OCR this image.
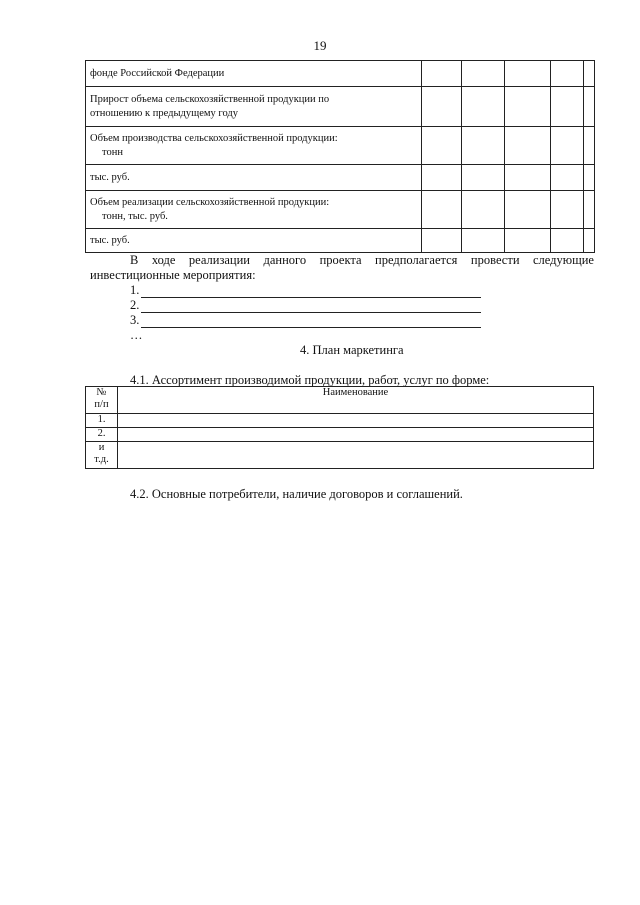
19
фонде Российской Федерации					

Прирост объема сельскохозяйственной продукции по
отношению к предыдущему году					

Объем производства сельскохозяйственной продукции:
тонн					

тыс. руб.					

Объем реализации сельскохозяйственной продукции:
тонн, тыс. руб.					

тыс. руб.					
В ходе реализации данного проекта предполагается провести следующие
инвестиционные мероприятия:
1.
2.
3.
…
4. План маркетинга
4.1. Ассортимент производимой продукции, работ, услуг по форме:
№
п/п	Наименование
1.	
2.	

и
т.д.	

4.2. Основные потребители, наличие договоров и соглашений.
